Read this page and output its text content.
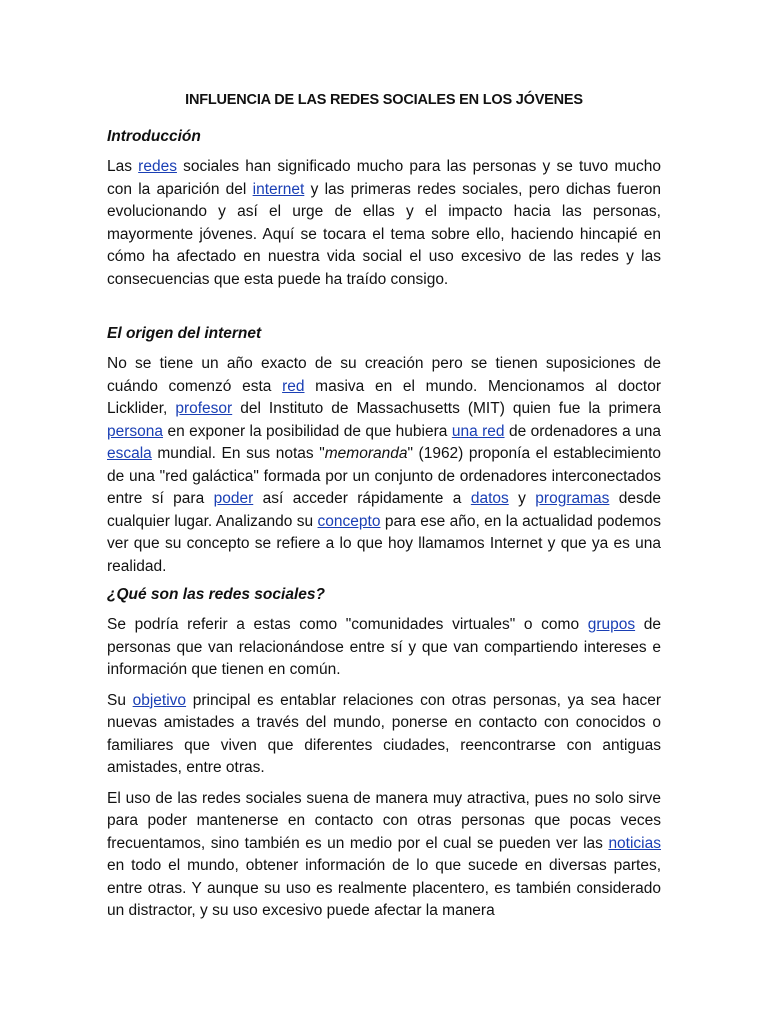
INFLUENCIA DE LAS REDES SOCIALES EN LOS JÓVENES
Introducción

Las redes sociales han significado mucho para las personas y se tuvo mucho con la aparición del internet y las primeras redes sociales, pero dichas fueron evolucionando y así el urge de ellas y el impacto hacia las personas, mayormente jóvenes. Aquí se tocara el tema sobre ello, haciendo hincapié en cómo ha afectado en nuestra vida social el uso excesivo de las redes y las consecuencias que esta puede ha traído consigo.

El origen del internet

No se tiene un año exacto de su creación pero se tienen suposiciones de cuándo comenzó esta red masiva en el mundo. Mencionamos al doctor Licklider, profesor del Instituto de Massachusetts (MIT) quien fue la primera persona en exponer la posibilidad de que hubiera una red de ordenadores a una escala mundial. En sus notas "memoranda" (1962) proponía el establecimiento de una "red galáctica" formada por un conjunto de ordenadores interconectados entre sí para poder así acceder rápidamente a datos y programas desde cualquier lugar. Analizando su concepto para ese año, en la actualidad podemos ver que su concepto se refiere a lo que hoy llamamos Internet y que ya es una realidad.

¿Qué son las redes sociales?

Se podría referir a estas como "comunidades virtuales" o como grupos de personas que van relacionándose entre sí y que van compartiendo intereses e información que tienen en común.

Su objetivo principal es entablar relaciones con otras personas, ya sea hacer nuevas amistades a través del mundo, ponerse en contacto con conocidos o familiares que viven que diferentes ciudades, reencontrarse con antiguas amistades, entre otras.

El uso de las redes sociales suena de manera muy atractiva, pues no solo sirve para poder mantenerse en contacto con otras personas que pocas veces frecuentamos, sino también es un medio por el cual se pueden ver las noticias en todo el mundo, obtener información de lo que sucede en diversas partes, entre otras. Y aunque su uso es realmente placentero, es también considerado un distractor, y su uso excesivo puede afectar la manera
